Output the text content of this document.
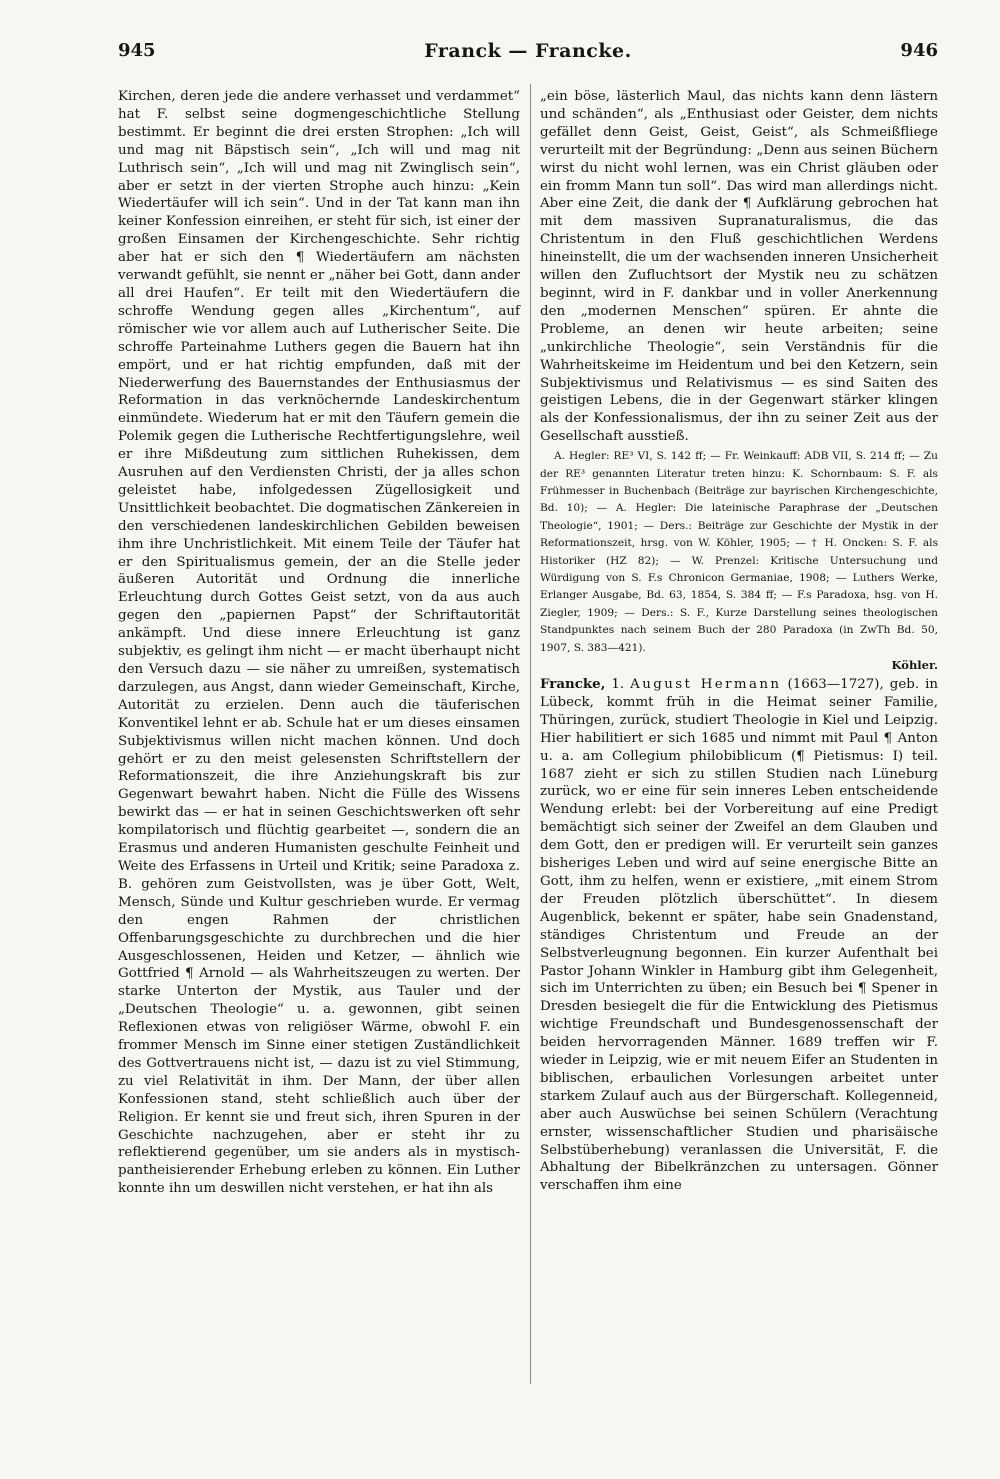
945	Franck — Francke.	946

Kirchen, deren jede die andere verhasset und verdammet“ hat F. selbst seine dogmengeschichtliche Stellung bestimmt. Er beginnt die drei ersten Strophen: „Ich will und mag nit Bäpstisch sein“, „Ich will und mag nit Luthrisch sein“, „Ich will und mag nit Zwinglisch sein“, aber er setzt in der vierten Strophe auch hinzu: „Kein Wiedertäufer will ich sein“. Und in der Tat kann man ihn keiner Konfession einreihen, er steht für sich, ist einer der großen Einsamen der Kirchengeschichte. Sehr richtig aber hat er sich den ¶ Wiedertäufern am nächsten verwandt gefühlt, sie nennt er „näher bei Gott, dann ander all drei Haufen“. Er teilt mit den Wiedertäufern die schroffe Wendung gegen alles „Kirchentum“, auf römischer wie vor allem auch auf Lutherischer Seite. Die schroffe Parteinahme Luthers gegen die Bauern hat ihn empört, und er hat richtig empfunden, daß mit der Niederwerfung des Bauernstandes der Enthusiasmus der Reformation in das verknöchernde Landeskirchentum einmündete. Wiederum hat er mit den Täufern gemein die Polemik gegen die Lutherische Rechtfertigungslehre, weil er ihre Mißdeutung zum sittlichen Ruhekissen, dem Ausruhen auf den Verdiensten Christi, der ja alles schon geleistet habe, infolgedessen Zügellosigkeit und Unsittlichkeit beobachtet. Die dogmatischen Zänkereien in den verschiedenen landeskirchlichen Gebilden beweisen ihm ihre Unchristlichkeit. Mit einem Teile der Täufer hat er den Spiritualismus gemein, der an die Stelle jeder äußeren Autorität und Ordnung die innerliche Erleuchtung durch Gottes Geist setzt, von da aus auch gegen den „papiernen Papst“ der Schriftautorität ankämpft. Und diese innere Erleuchtung ist ganz subjektiv, es gelingt ihm nicht — er macht überhaupt nicht den Versuch dazu — sie näher zu umreißen, systematisch darzulegen, aus Angst, dann wieder Gemeinschaft, Kirche, Autorität zu erzielen. Denn auch die täuferischen Konventikel lehnt er ab. Schule hat er um dieses einsamen Subjektivismus willen nicht machen können. Und doch gehört er zu den meist gelesensten Schriftstellern der Reformationszeit, die ihre Anziehungskraft bis zur Gegenwart bewahrt haben. Nicht die Fülle des Wissens bewirkt das — er hat in seinen Geschichtswerken oft sehr kompilatorisch und flüchtig gearbeitet —, sondern die an Erasmus und anderen Humanisten geschulte Feinheit und Weite des Erfassens in Urteil und Kritik; seine Paradoxa z. B. gehören zum Geistvollsten, was je über Gott, Welt, Mensch, Sünde und Kultur geschrieben wurde. Er vermag den engen Rahmen der christlichen Offenbarungsgeschichte zu durchbrechen und die hier Ausgeschlossenen, Heiden und Ketzer, — ähnlich wie Gottfried ¶ Arnold — als Wahrheitszeugen zu werten. Der starke Unterton der Mystik, aus Tauler und der „Deutschen Theologie“ u. a. gewonnen, gibt seinen Reflexionen etwas von religiöser Wärme, obwohl F. ein frommer Mensch im Sinne einer stetigen Zuständlichkeit des Gottvertrauens nicht ist, — dazu ist zu viel Stimmung, zu viel Relativität in ihm. Der Mann, der über allen Konfessionen stand, steht schließlich auch über der Religion. Er kennt sie und freut sich, ihren Spuren in der Geschichte nachzugehen, aber er steht ihr zu reflektierend gegenüber, um sie anders als in mystisch-pantheisierender Erhebung erleben zu können. Ein Luther konnte ihn um deswillen nicht verstehen, er hat ihn als

„ein böse, lästerlich Maul, das nichts kann denn lästern und schänden“, als „Enthusiast oder Geister, dem nichts gefället denn Geist, Geist, Geist“, als Schmeißfliege verurteilt mit der Begründung: „Denn aus seinen Büchern wirst du nicht wohl lernen, was ein Christ gläuben oder ein fromm Mann tun soll“. Das wird man allerdings nicht. Aber eine Zeit, die dank der ¶ Aufklärung gebrochen hat mit dem massiven Supranaturalismus, die das Christentum in den Fluß geschichtlichen Werdens hineinstellt, die um der wachsenden inneren Unsicherheit willen den Zufluchtsort der Mystik neu zu schätzen beginnt, wird in F. dankbar und in voller Anerkennung den „modernen Menschen“ spüren. Er ahnte die Probleme, an denen wir heute arbeiten; seine „unkirchliche Theologie“, sein Verständnis für die Wahrheitskeime im Heidentum und bei den Ketzern, sein Subjektivismus und Relativismus — es sind Saiten des geistigen Lebens, die in der Gegenwart stärker klingen als der Konfessionalismus, der ihn zu seiner Zeit aus der Gesellschaft ausstieß.

A. Hegler: RE³ VI, S. 142 ff; — Fr. Weinkauff: ADB VII, S. 214 ff; — Zu der RE³ genannten Literatur treten hinzu: K. Schornbaum: S. F. als Frühmesser in Buchenbach (Beiträge zur bayrischen Kirchengeschichte, Bd. 10); — A. Hegler: Die lateinische Paraphrase der „Deutschen Theologie“, 1901; — Ders.: Beiträge zur Geschichte der Mystik in der Reformationszeit, hrsg. von W. Köhler, 1905; — † H. Oncken: S. F. als Historiker (HZ 82); — W. Prenzel: Kritische Untersuchung und Würdigung von S. F.s Chronicon Germaniae, 1908; — Luthers Werke, Erlanger Ausgabe, Bd. 63, 1854, S. 384 ff; — F.s Paradoxa, hsg. von H. Ziegler, 1909; — Ders.: S. F., Kurze Darstellung seines theologischen Standpunktes nach seinem Buch der 280 Paradoxa (in ZwTh Bd. 50, 1907, S. 383—421).

Köhler.

Francke, 1. August Hermann (1663—1727), geb. in Lübeck, kommt früh in die Heimat seiner Familie, Thüringen, zurück, studiert Theologie in Kiel und Leipzig. Hier habilitiert er sich 1685 und nimmt mit Paul ¶ Anton u. a. am Collegium philobiblicum (¶ Pietismus: I) teil. 1687 zieht er sich zu stillen Studien nach Lüneburg zurück, wo er eine für sein inneres Leben entscheidende Wendung erlebt: bei der Vorbereitung auf eine Predigt bemächtigt sich seiner der Zweifel an dem Glauben und dem Gott, den er predigen will. Er verurteilt sein ganzes bisheriges Leben und wird auf seine energische Bitte an Gott, ihm zu helfen, wenn er existiere, „mit einem Strom der Freuden plötzlich überschüttet“. In diesem Augenblick, bekennt er später, habe sein Gnadenstand, ständiges Christentum und Freude an der Selbstverleugnung begonnen. Ein kurzer Aufenthalt bei Pastor Johann Winkler in Hamburg gibt ihm Gelegenheit, sich im Unterrichten zu üben; ein Besuch bei ¶ Spener in Dresden besiegelt die für die Entwicklung des Pietismus wichtige Freundschaft und Bundesgenossenschaft der beiden hervorragenden Männer. 1689 treffen wir F. wieder in Leipzig, wie er mit neuem Eifer an Studenten in biblischen, erbaulichen Vorlesungen arbeitet unter starkem Zulauf auch aus der Bürgerschaft. Kollegenneid, aber auch Auswüchse bei seinen Schülern (Verachtung ernster, wissenschaftlicher Studien und pharisäische Selbstüberhebung) veranlassen die Universität, F. die Abhaltung der Bibelkränzchen zu untersagen. Gönner verschaffen ihm eine
